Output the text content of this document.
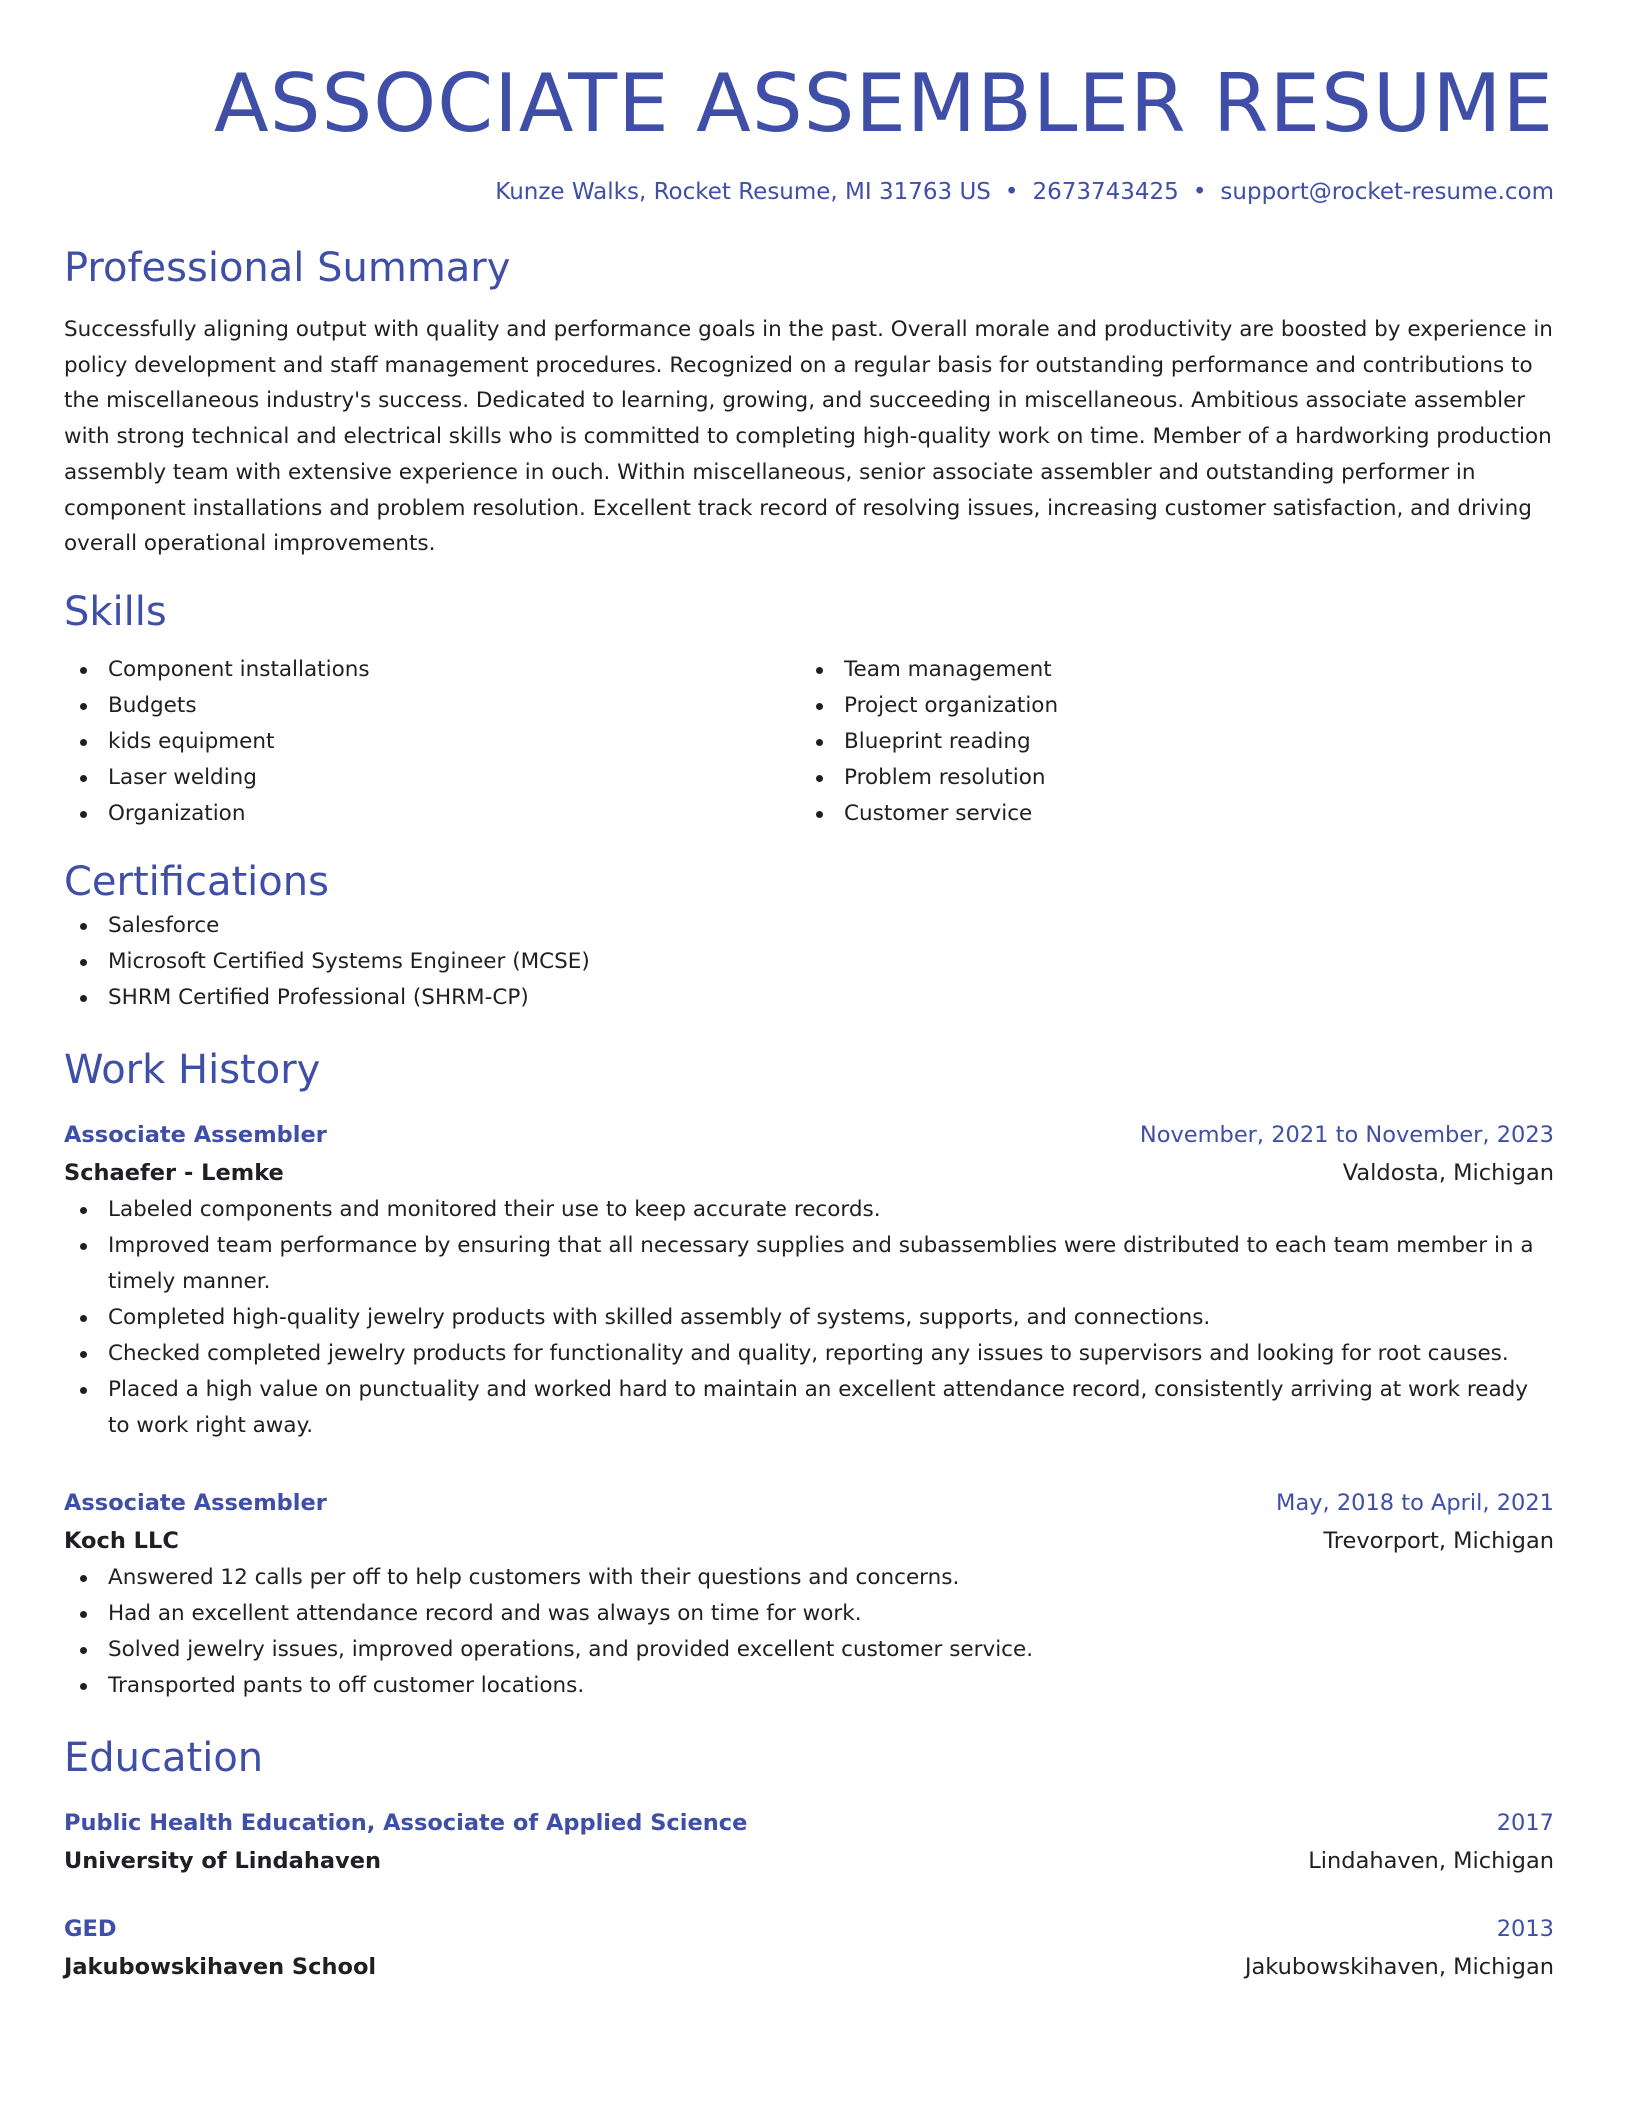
ASSOCIATE ASSEMBLER RESUME
Kunze Walks, Rocket Resume, MI 31763 US • 2673743425 • support@rocket-resume.com
Professional Summary

Successfully aligning output with quality and performance goals in the past. Overall morale and productivity are boosted by experience in policy development and staff management procedures. Recognized on a regular basis for outstanding performance and contributions to the miscellaneous industry's success. Dedicated to learning, growing, and succeeding in miscellaneous. Ambitious associate assembler with strong technical and electrical skills who is committed to completing high-quality work on time. Member of a hardworking production assembly team with extensive experience in ouch. Within miscellaneous, senior associate assembler and outstanding performer in component installations and problem resolution. Excellent track record of resolving issues, increasing customer satisfaction, and driving overall operational improvements.

Skills
Component installations
Budgets
kids equipment
Laser welding
Organization
Team management
Project organization
Blueprint reading
Problem resolution
Customer service
Certifications
Salesforce
Microsoft Certified Systems Engineer (MCSE)
SHRM Certified Professional (SHRM-CP)
Work History
Associate Assembler	November, 2021 to November, 2023
Schaefer - Lemke	Valdosta, Michigan
Labeled components and monitored their use to keep accurate records.
Improved team performance by ensuring that all necessary supplies and subassemblies were distributed to each team member in a timely manner.
Completed high-quality jewelry products with skilled assembly of systems, supports, and connections.
Checked completed jewelry products for functionality and quality, reporting any issues to supervisors and looking for root causes.
Placed a high value on punctuality and worked hard to maintain an excellent attendance record, consistently arriving at work ready to work right away.
Associate Assembler	May, 2018 to April, 2021
Koch LLC	Trevorport, Michigan
Answered 12 calls per off to help customers with their questions and concerns.
Had an excellent attendance record and was always on time for work.
Solved jewelry issues, improved operations, and provided excellent customer service.
Transported pants to off customer locations.
Education
Public Health Education, Associate of Applied Science	2017
University of Lindahaven	Lindahaven, Michigan
GED	2013
Jakubowskihaven School	Jakubowskihaven, Michigan
